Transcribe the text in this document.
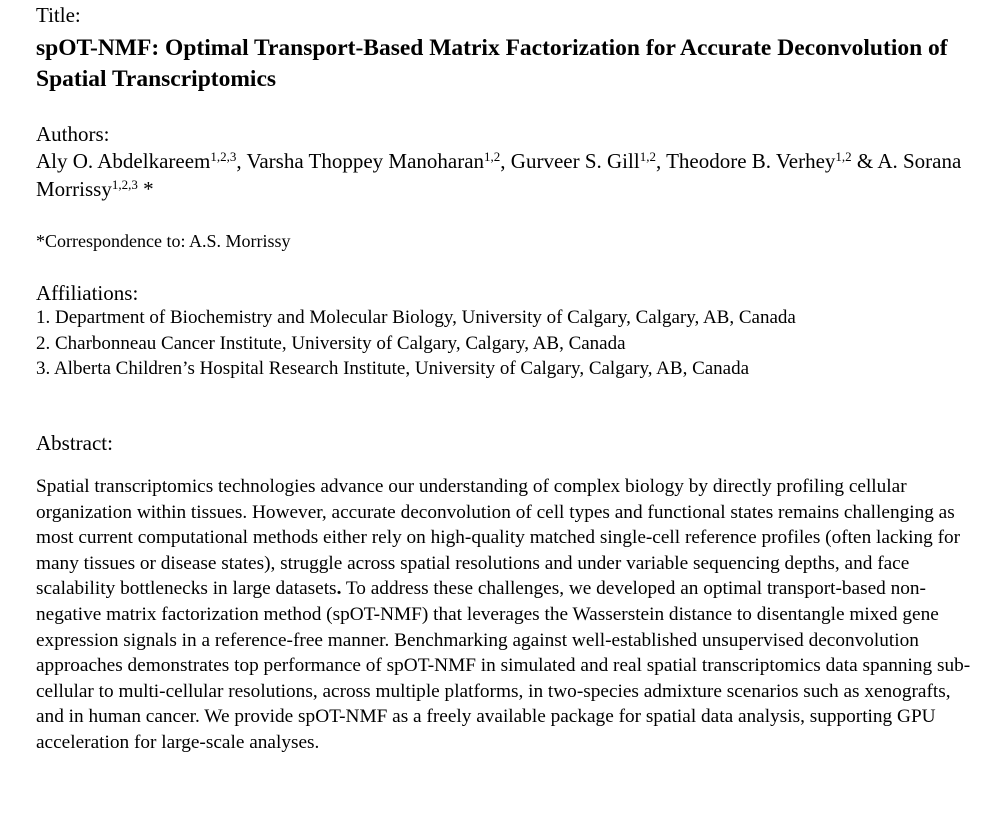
Title:

spOT-NMF: Optimal Transport-Based Matrix Factorization for Accurate Deconvolution of Spatial Transcriptomics

Authors:

Aly O. Abdelkareem$^{1,2,3}$, Varsha Thoppey Manoharan$^{1,2}$, Gurveer S. Gill$^{1,2}$, Theodore B. Verhey$^{1,2}$ & A. Sorana Morrissy$^{1,2,3}$ *

*Correspondence to: A.S. Morrissy

Affiliations:

1. Department of Biochemistry and Molecular Biology, University of Calgary, Calgary, AB, Canada
2. Charbonneau Cancer Institute, University of Calgary, Calgary, AB, Canada
3. Alberta Children’s Hospital Research Institute, University of Calgary, Calgary, AB, Canada

Abstract:

Spatial transcriptomics technologies advance our understanding of complex biology by directly profiling cellular organization within tissues. However, accurate deconvolution of cell types and functional states remains challenging as most current computational methods either rely on high-quality matched single-cell reference profiles (often lacking for many tissues or disease states), struggle across spatial resolutions and under variable sequencing depths, and face scalability bottlenecks in large datasets. To address these challenges, we developed an optimal transport-based non-negative matrix factorization method (spOT-NMF) that leverages the Wasserstein distance to disentangle mixed gene expression signals in a reference-free manner. Benchmarking against well-established unsupervised deconvolution approaches demonstrates top performance of spOT-NMF in simulated and real spatial transcriptomics data spanning sub-cellular to multi-cellular resolutions, across multiple platforms, in two-species admixture scenarios such as xenografts, and in human cancer. We provide spOT-NMF as a freely available package for spatial data analysis, supporting GPU acceleration for large-scale analyses.
